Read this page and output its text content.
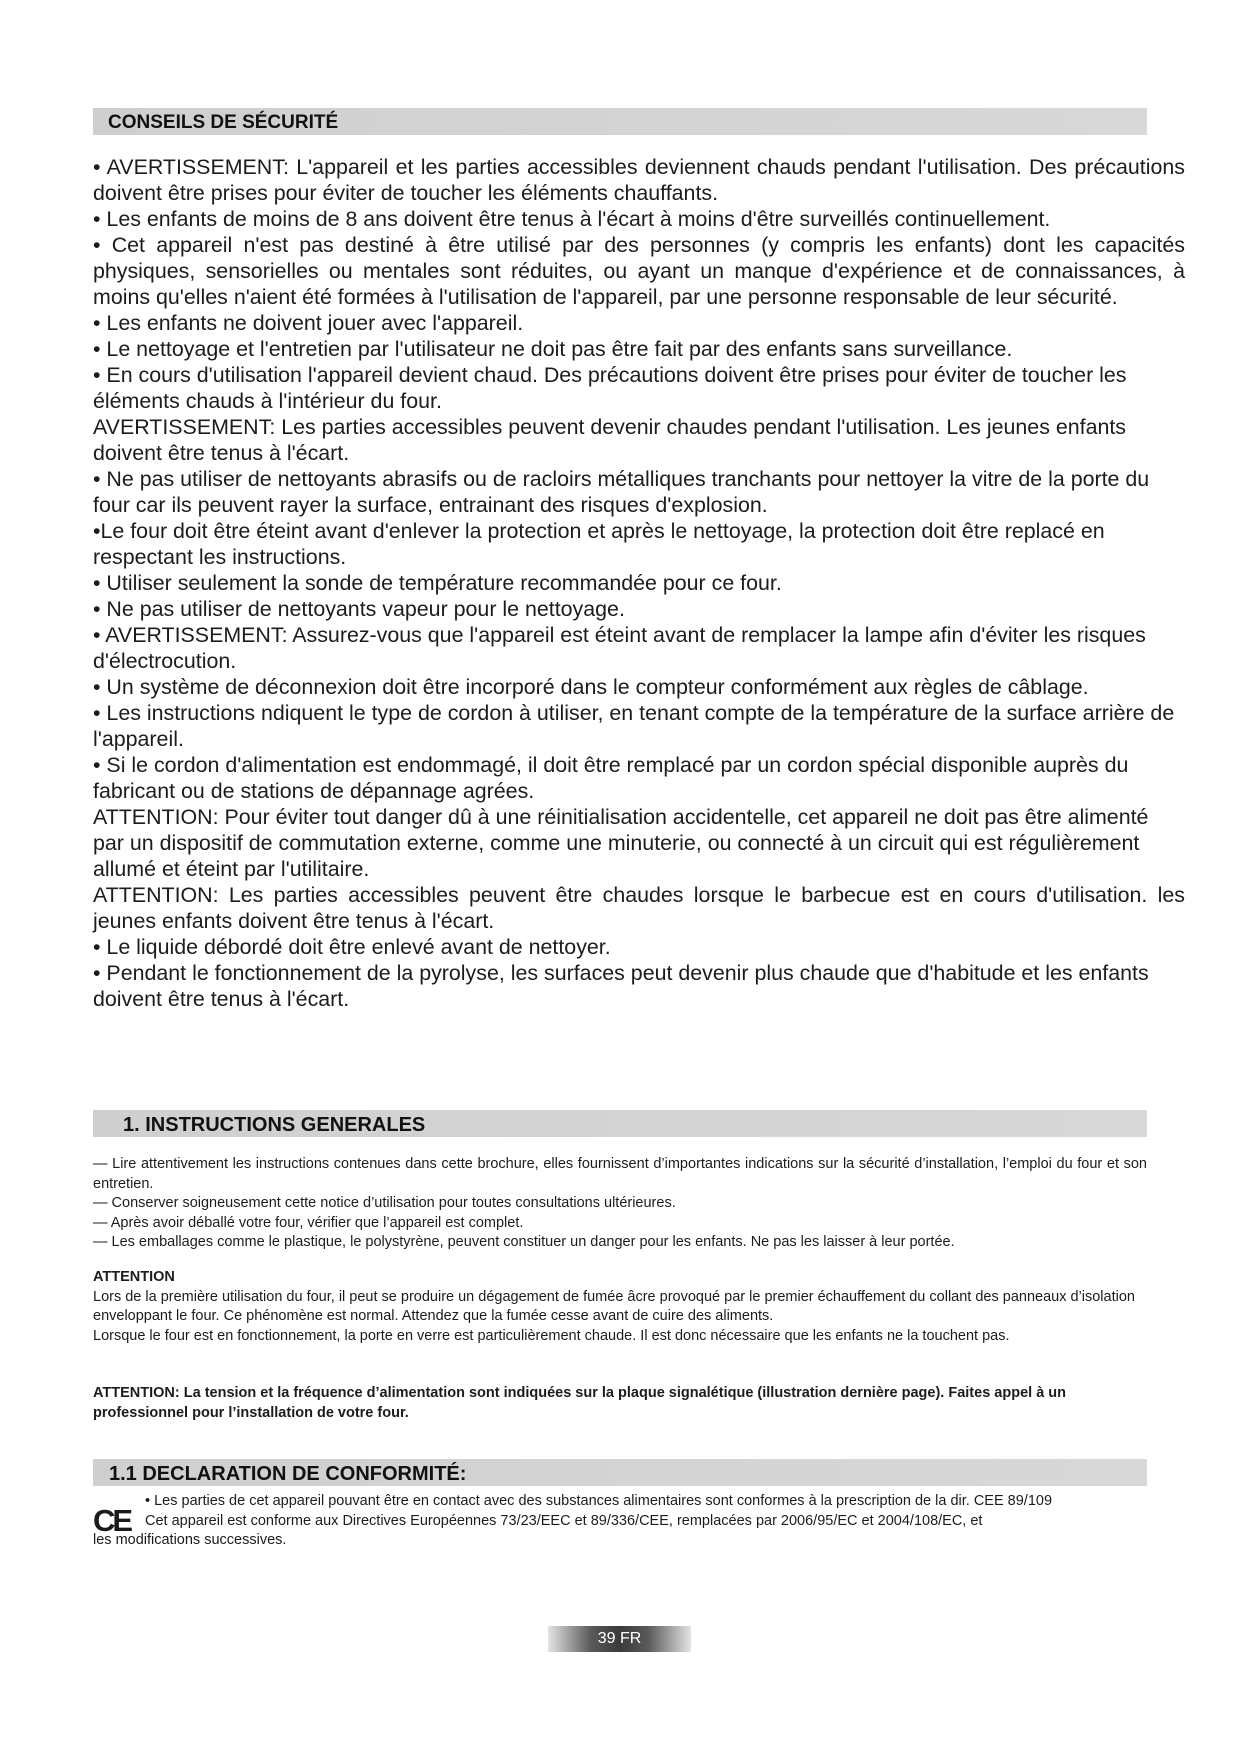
CONSEILS DE SÉCURITÉ

• AVERTISSEMENT: L'appareil et les parties accessibles deviennent chauds pendant l'utilisation. Des précautions doivent être prises pour éviter de toucher les éléments chauffants.

• Les enfants de moins de 8 ans doivent être tenus à l'écart à moins d'être surveillés continuellement.

• Cet appareil n'est pas destiné à être utilisé par des personnes (y compris les enfants) dont les capacités physiques, sensorielles ou mentales sont réduites, ou ayant un manque d'expérience et de connaissances, à moins qu'elles n'aient été formées à l'utilisation de l'appareil, par une personne responsable de leur sécurité.

• Les enfants ne doivent jouer avec l'appareil.

• Le nettoyage et l'entretien par l'utilisateur ne doit pas être fait par des enfants sans surveillance.

• En cours d'utilisation l'appareil devient chaud. Des précautions doivent être prises pour éviter de toucher les éléments chauds à l'intérieur du four.

AVERTISSEMENT: Les parties accessibles peuvent devenir chaudes pendant l'utilisation. Les jeunes enfants doivent être tenus à l'écart.

• Ne pas utiliser de nettoyants abrasifs ou de racloirs métalliques tranchants pour nettoyer la vitre de la porte du four car ils peuvent rayer la surface, entrainant des risques d'explosion.

•Le four doit être éteint avant d'enlever la protection et après le nettoyage, la protection doit être replacé en respectant les instructions.

• Utiliser seulement la sonde de température recommandée pour ce four.

• Ne pas utiliser de nettoyants vapeur pour le nettoyage.

• AVERTISSEMENT: Assurez-vous que l'appareil est éteint avant de remplacer la lampe afin d'éviter les risques d'électrocution.

• Un système de déconnexion doit être incorporé dans le compteur conformément aux règles de câblage.

• Les instructions ndiquent le type de cordon à utiliser, en tenant compte de la température de la surface arrière de l'appareil.

• Si le cordon d'alimentation est endommagé, il doit être remplacé par un cordon spécial disponible auprès du fabricant ou de stations de dépannage agrées.

ATTENTION: Pour éviter tout danger dû à une réinitialisation accidentelle, cet appareil ne doit pas être alimenté par un dispositif de commutation externe, comme une minuterie, ou connecté à un circuit qui est régulièrement allumé et éteint par l'utilitaire.

ATTENTION: Les parties accessibles peuvent être chaudes lorsque le barbecue est en cours d'utilisation. les jeunes enfants doivent être tenus à l'écart.

• Le liquide débordé doit être enlevé avant de nettoyer.

• Pendant le fonctionnement de la pyrolyse, les surfaces peut devenir plus chaude que d'habitude et les enfants doivent être tenus à l'écart.

1. INSTRUCTIONS GENERALES

— Lire attentivement les instructions contenues dans cette brochure, elles fournissent d’importantes indications sur la sécurité d’installation, l’emploi du four et son entretien.

— Conserver soigneusement cette notice d’utilisation pour toutes consultations ultérieures.

— Après avoir déballé votre four, vérifier que l’appareil est complet.

— Les emballages comme le plastique, le polystyrène, peuvent constituer un danger pour les enfants. Ne pas les laisser à leur portée.

ATTENTION

Lors de la première utilisation du four, il peut se produire un dégagement de fumée âcre provoqué par le premier échauffement du collant des panneaux d’isolation enveloppant le four. Ce phénomène est normal. Attendez que la fumée cesse avant de cuire des aliments.

Lorsque le four est en fonctionnement, la porte en verre est particulièrement chaude. Il est donc nécessaire que les enfants ne la touchent pas.

ATTENTION: La tension et la fréquence d’alimentation sont indiquées sur la plaque signalétique (illustration dernière page). Faites appel à un professionnel pour l’installation de votre four.

1.1 DECLARATION DE CONFORMITÉ:
CE

• Les parties de cet appareil pouvant être en contact avec des substances alimentaires sont conformes à la prescription de la dir. CEE 89/109

Cet appareil est conforme aux Directives Européennes 73/23/EEC et 89/336/CEE, remplacées par 2006/95/EC et 2004/108/EC, et

les modifications successives.

39 FR
